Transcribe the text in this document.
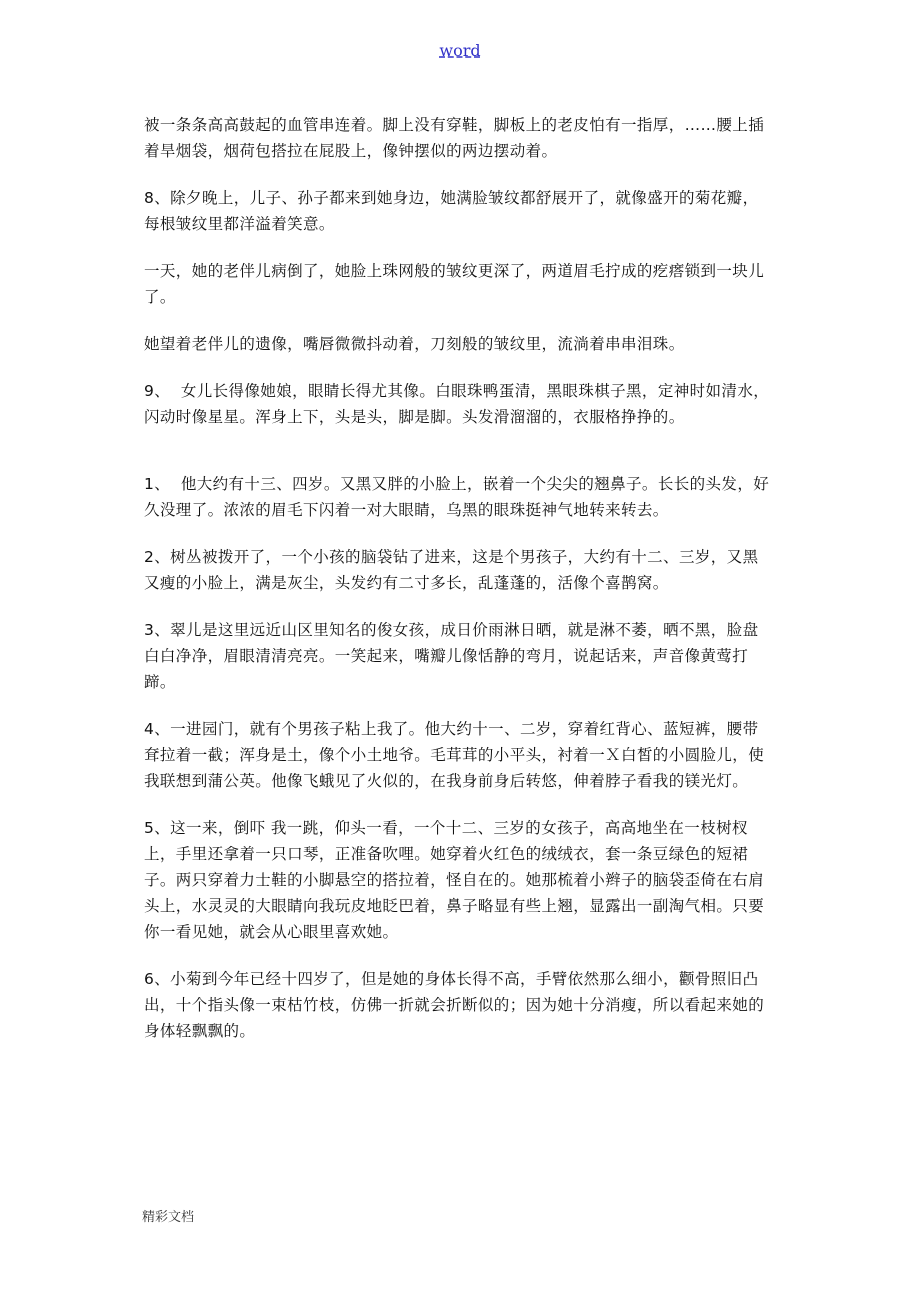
word

被一条条高高鼓起的血管串连着。脚上没有穿鞋，脚板上的老皮怕有一指厚，……腰上插着旱烟袋，烟荷包搭拉在屁股上，像钟摆似的两边摆动着。

8、除夕晚上，儿子、孙子都来到她身边，她满脸皱纹都舒展开了，就像盛开的菊花瓣，每根皱纹里都洋溢着笑意。

一天，她的老伴儿病倒了，她脸上珠网般的皱纹更深了，两道眉毛拧成的疙瘩锁到一块儿了。

她望着老伴儿的遗像，嘴唇微微抖动着，刀刻般的皱纹里，流淌着串串泪珠。

9、  女儿长得像她娘，眼睛长得尤其像。白眼珠鸭蛋清，黑眼珠棋子黑，定神时如清水，闪动时像星星。浑身上下，头是头，脚是脚。头发滑溜溜的，衣服格挣挣的。

1、  他大约有十三、四岁。又黑又胖的小脸上，嵌着一个尖尖的翘鼻子。长长的头发，好久没理了。浓浓的眉毛下闪着一对大眼睛，乌黑的眼珠挺神气地转来转去。

2、树丛被拨开了，一个小孩的脑袋钻了进来，这是个男孩子，大约有十二、三岁，又黑又瘦的小脸上，满是灰尘，头发约有二寸多长，乱蓬蓬的，活像个喜鹊窝。

3、翠儿是这里远近山区里知名的俊女孩，成日价雨淋日晒，就是淋不萎，晒不黑，脸盘白白净净，眉眼清清亮亮。一笑起来，嘴瓣儿像恬静的弯月，说起话来，声音像黄莺打蹄。

4、一进园门，就有个男孩子粘上我了。他大约十一、二岁，穿着红背心、蓝短裤，腰带耷拉着一截；浑身是土，像个小土地爷。毛茸茸的小平头，衬着一Ｘ白皙的小圆脸儿，使我联想到蒲公英。他像飞蛾见了火似的，在我身前身后转悠，伸着脖子看我的镁光灯。

5、这一来，倒吓 我一跳，仰头一看，一个十二、三岁的女孩子，高高地坐在一枝树杈上，手里还拿着一只口琴，正准备吹哩。她穿着火红色的绒绒衣，套一条豆绿色的短裙子。两只穿着力士鞋的小脚悬空的搭拉着，怪自在的。她那梳着小辫子的脑袋歪倚在右肩头上，水灵灵的大眼睛向我玩皮地眨巴着，鼻子略显有些上翘，显露出一副淘气相。只要你一看见她，就会从心眼里喜欢她。

6、小菊到今年已经十四岁了，但是她的身体长得不高，手臂依然那么细小，颧骨照旧凸出，十个指头像一束枯竹枝，仿佛一折就会折断似的；因为她十分消瘦，所以看起来她的身体轻飘飘的。

精彩文档
